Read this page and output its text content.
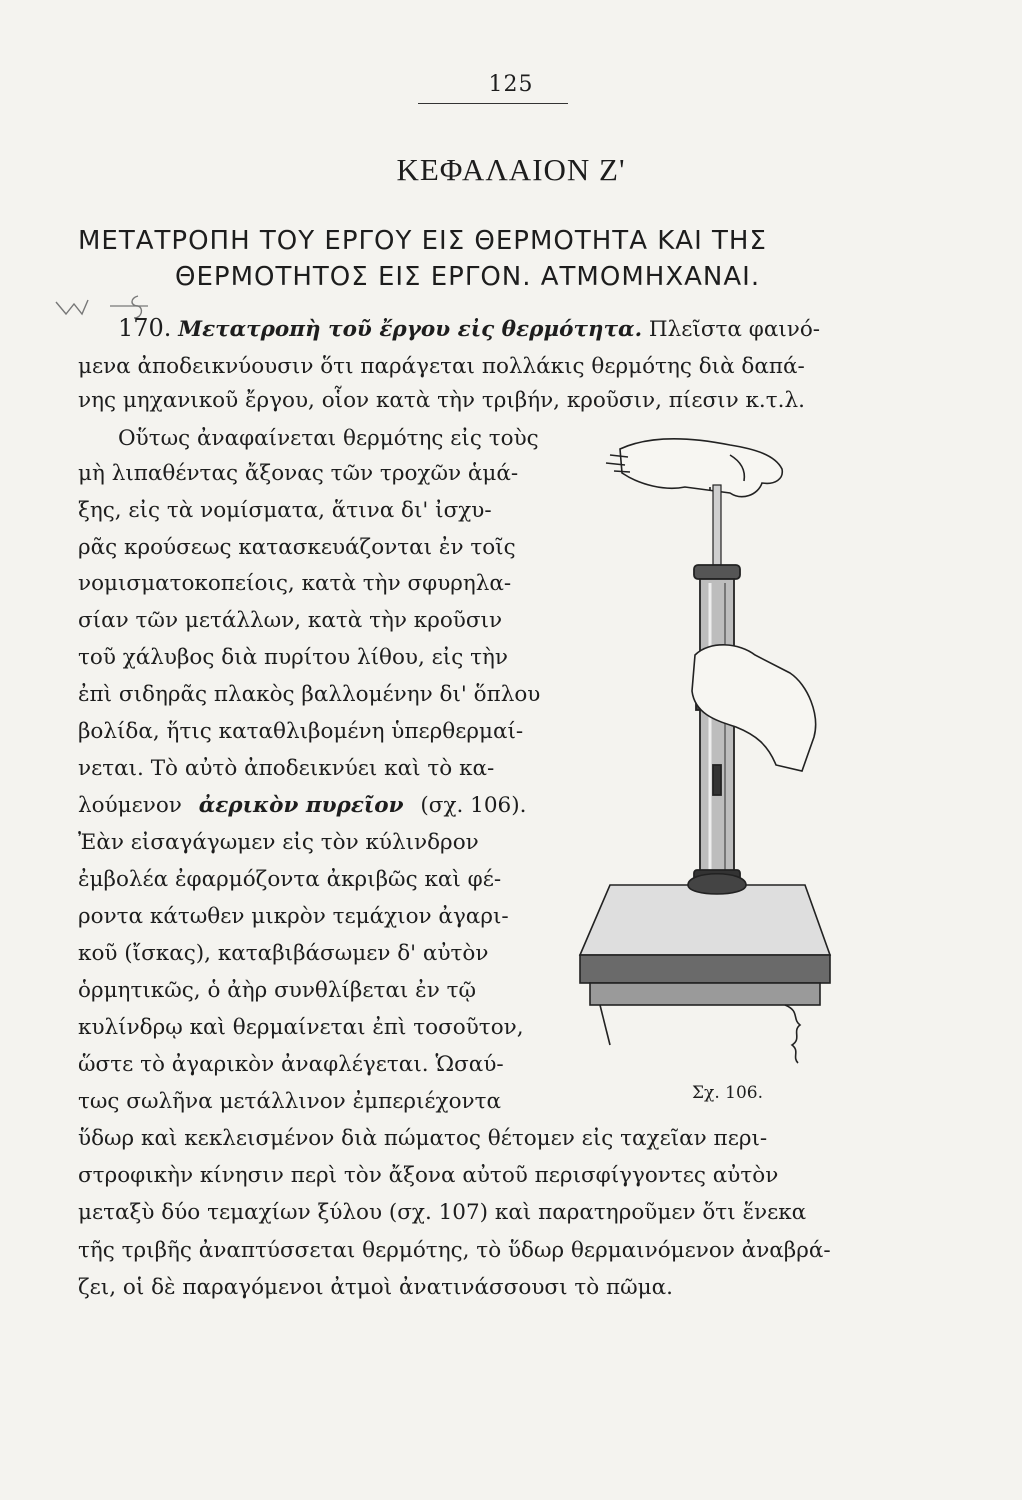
125
ΚΕΦΑΛΑΙΟΝ Ζ'
ΜΕΤΑΤΡΟΠΗ ΤΟΥ ΕΡΓΟΥ ΕΙΣ ΘΕΡΜΟΤΗΤΑ ΚΑΙ ΤΗΣ
ΘΕΡΜΟΤΗΤΟΣ ΕΙΣ ΕΡΓΟΝ. ΑΤΜΟΜΗΧΑΝΑΙ.
170. Μετατροπὴ τοῦ ἔργου εἰς θερμότητα. Πλεῖστα φαινό-
μενα ἀποδεικνύουσιν ὅτι παράγεται πολλάκις θερμότης διὰ δαπά-
νης μηχανικοῦ ἔργου, οἷον κατὰ τὴν τριβήν, κροῦσιν, πίεσιν κ.τ.λ.
Οὕτως ἀναφαίνεται θερμότης εἰς τοὺς
μὴ λιπαθέντας ἄξονας τῶν τροχῶν ἁμά-
ξης, εἰς τὰ νομίσματα, ἅτινα δι' ἰσχυ-
ρᾶς κρούσεως κατασκευάζονται ἐν τοῖς
νομισματοκοπείοις, κατὰ τὴν σφυρηλα-
σίαν τῶν μετάλλων, κατὰ τὴν κροῦσιν
τοῦ χάλυβος διὰ πυρίτου λίθου, εἰς τὴν
ἐπὶ σιδηρᾶς πλακὸς βαλλομένην δι' ὅπλου
βολίδα, ἥτις καταθλιβομένη ὑπερθερμαί-
νεται. Τὸ αὐτὸ ἀποδεικνύει καὶ τὸ κα-
λούμενον ἀερικὸν πυρεῖον (σχ. 106).
Ἐὰν εἰσαγάγωμεν εἰς τὸν κύλινδρον
ἐμβολέα ἐφαρμόζοντα ἀκριβῶς καὶ φέ-
ροντα κάτωθεν μικρὸν τεμάχιον ἀγαρι-
κοῦ (ἴσκας), καταβιβάσωμεν δ' αὐτὸν
ὁρμητικῶς, ὁ ἀὴρ συνθλίβεται ἐν τῷ
κυλίνδρῳ καὶ θερμαίνεται ἐπὶ τοσοῦτον,
ὥστε τὸ ἀγαρικὸν ἀναφλέγεται. Ὡσαύ-
τως σωλῆνα μετάλλινον ἐμπεριέχοντα
ὕδωρ καὶ κεκλεισμένον διὰ πώματος θέτομεν εἰς ταχεῖαν περι-
στροφικὴν κίνησιν περὶ τὸν ἄξονα αὐτοῦ περισφίγγοντες αὐτὸν
μεταξὺ δύο τεμαχίων ξύλου (σχ. 107) καὶ παρατηροῦμεν ὅτι ἕνεκα
τῆς τριβῆς ἀναπτύσσεται θερμότης, τὸ ὕδωρ θερμαινόμενον ἀναβρά-
ζει, οἱ δὲ παραγόμενοι ἀτμοὶ ἀνατινάσσουσι τὸ πῶμα.
Σχ. 106.
